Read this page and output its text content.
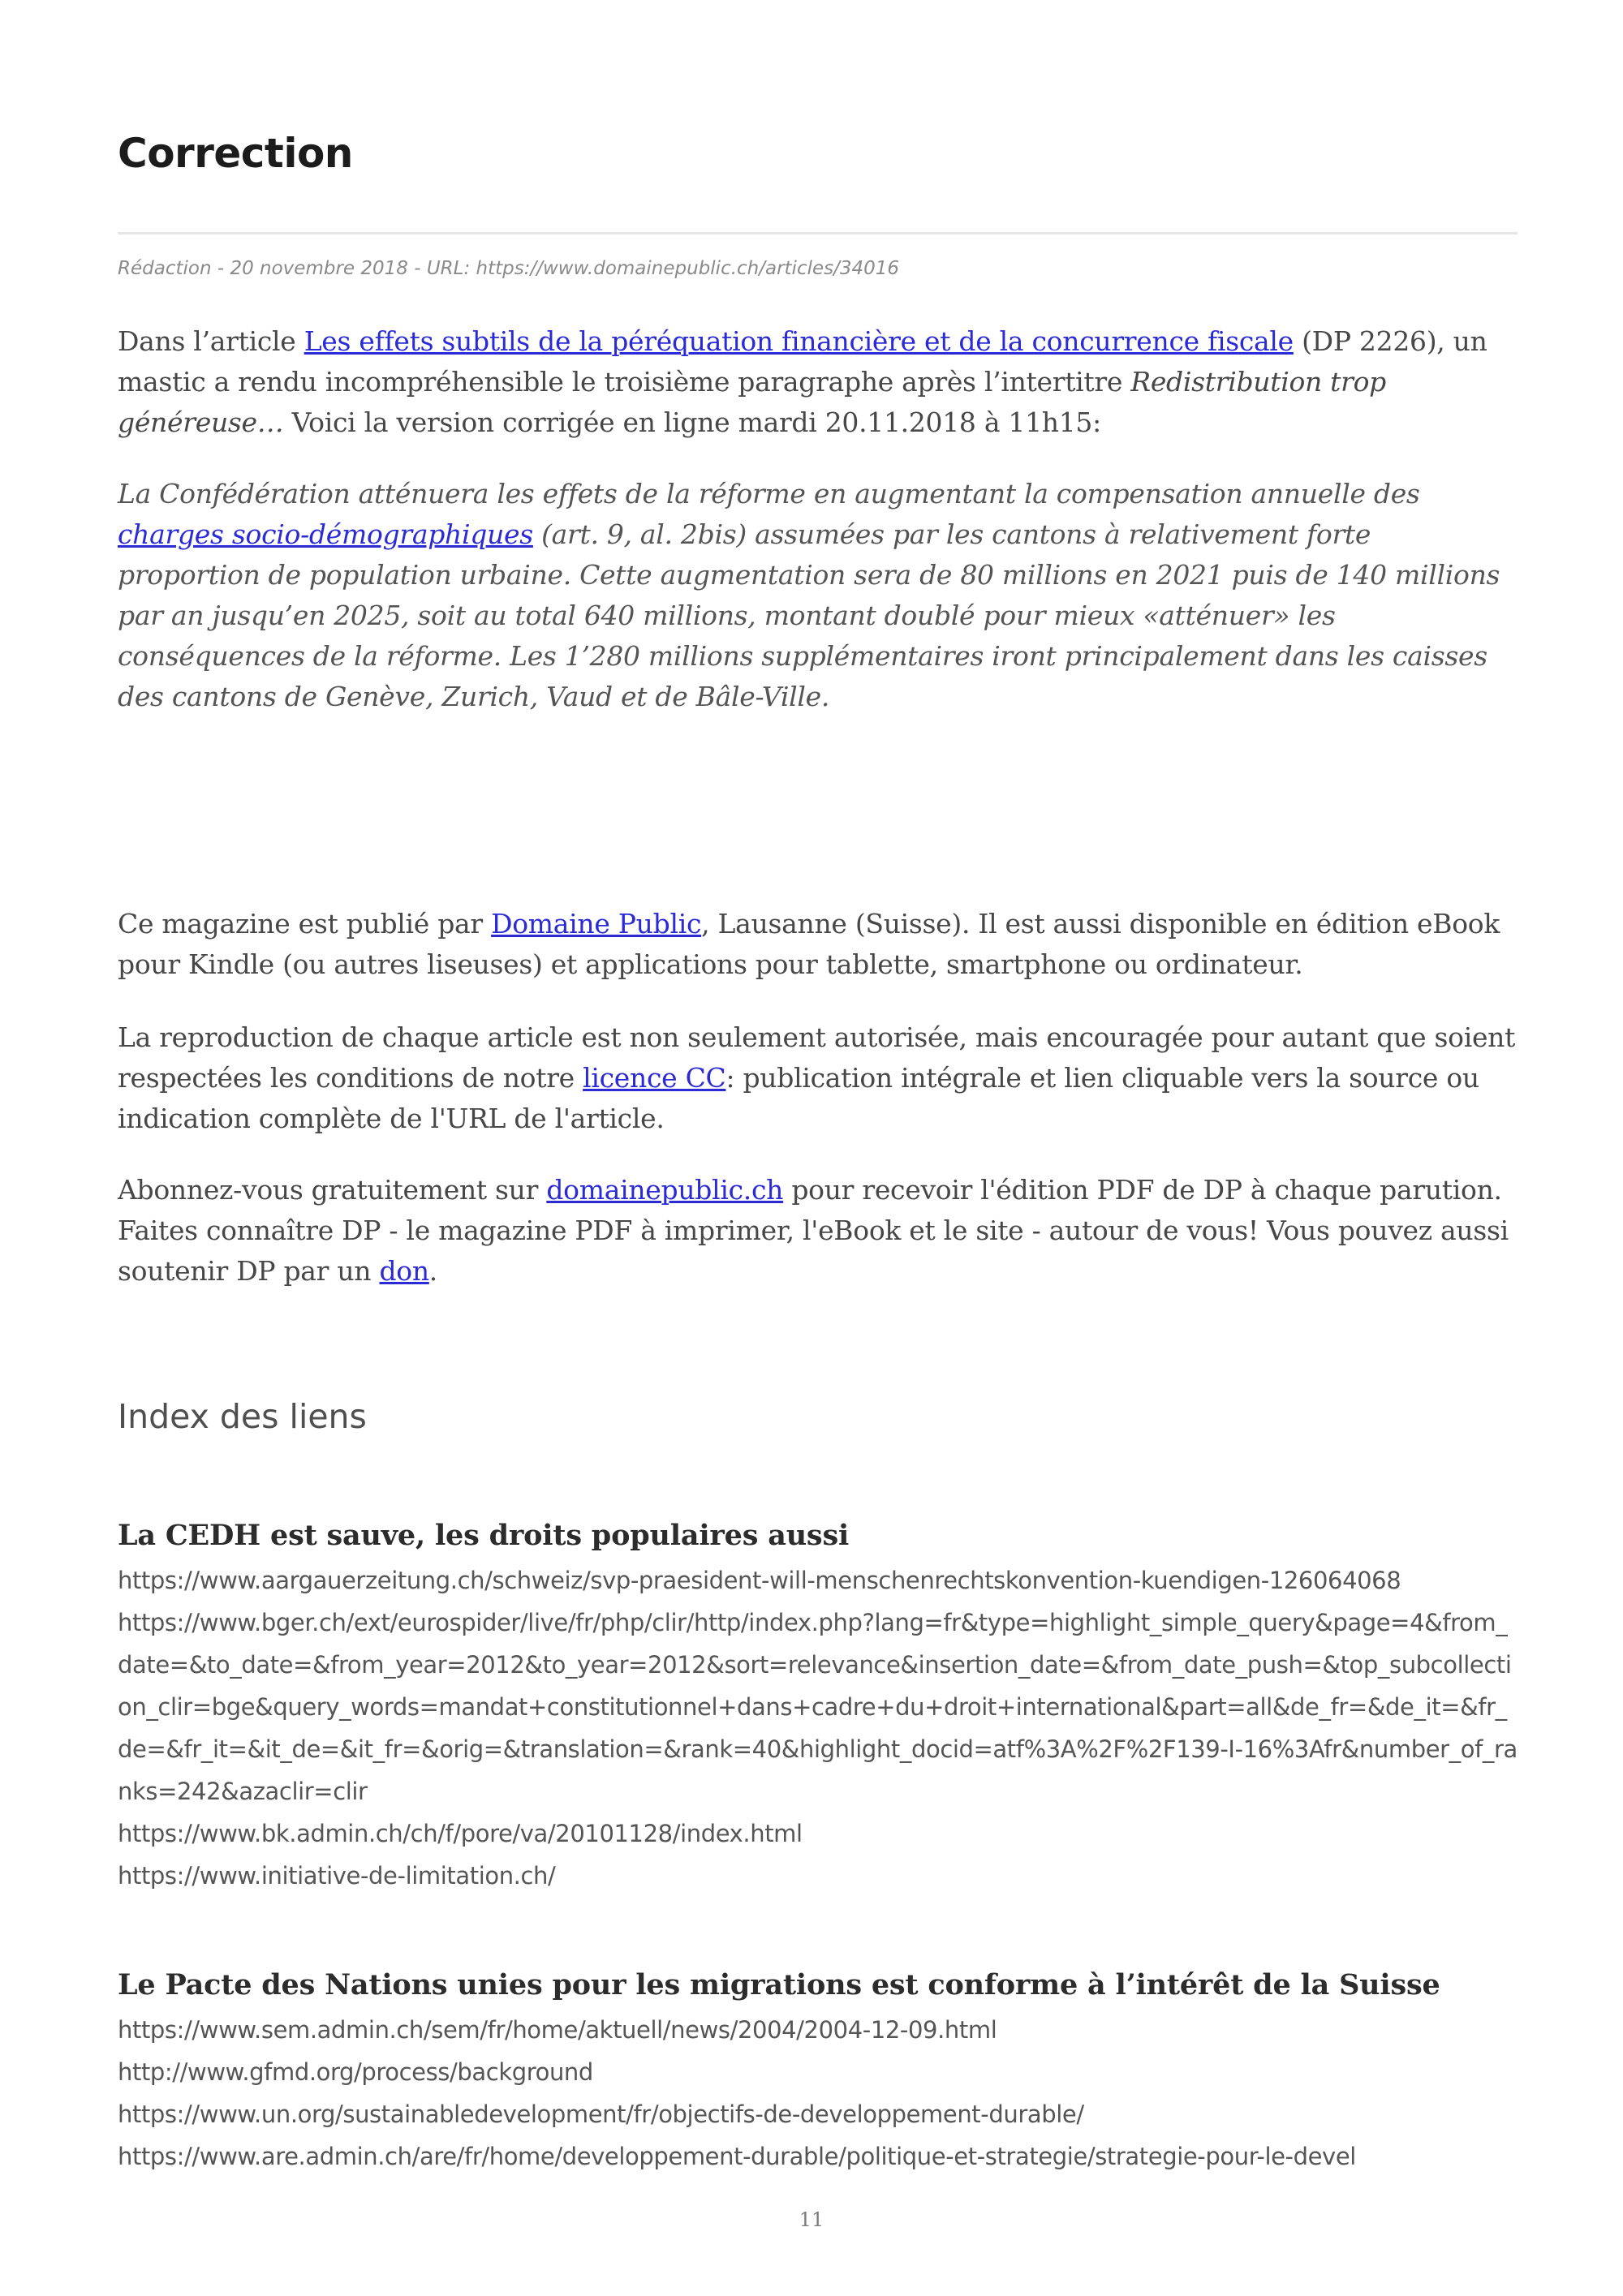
Correction
Rédaction - 20 novembre 2018 - URL: https://www.domainepublic.ch/articles/34016

Dans l’article Les effets subtils de la péréquation financière et de la concurrence fiscale (DP 2226), un mastic a rendu incompréhensible le troisième paragraphe après l’intertitre Redistribution trop généreuse… Voici la version corrigée en ligne mardi 20.11.2018 à 11h15:

La Confédération atténuera les effets de la réforme en augmentant la compensation annuelle des charges socio-démographiques (art. 9, al. 2bis) assumées par les cantons à relativement forte proportion de population urbaine. Cette augmentation sera de 80 millions en 2021 puis de 140 millions par an jusqu’en 2025, soit au total 640 millions, montant doublé pour mieux «atténuer» les conséquences de la réforme. Les 1’280 millions supplémentaires iront principalement dans les caisses des cantons de Genève, Zurich, Vaud et de Bâle-Ville.

Ce magazine est publié par Domaine Public, Lausanne (Suisse). Il est aussi disponible en édition eBook pour Kindle (ou autres liseuses) et applications pour tablette, smartphone ou ordinateur.

La reproduction de chaque article est non seulement autorisée, mais encouragée pour autant que soient respectées les conditions de notre licence CC: publication intégrale et lien cliquable vers la source ou indication complète de l'URL de l'article.

Abonnez-vous gratuitement sur domainepublic.ch pour recevoir l'édition PDF de DP à chaque parution. Faites connaître DP - le magazine PDF à imprimer, l'eBook et le site - autour de vous! Vous pouvez aussi soutenir DP par un don.

Index des liens
La CEDH est sauve, les droits populaires aussi
https://www.aargauerzeitung.ch/schweiz/svp-praesident-will-menschenrechtskonvention-kuendigen-126064068
https://www.bger.ch/ext/eurospider/live/fr/php/clir/http/index.php?lang=fr&type=highlight_simple_query&page=4&from_date=&to_date=&from_year=2012&to_year=2012&sort=relevance&insertion_date=&from_date_push=&top_subcollection_clir=bge&query_words=mandat+constitutionnel+dans+cadre+du+droit+international&part=all&de_fr=&de_it=&fr_de=&fr_it=&it_de=&it_fr=&orig=&translation=&rank=40&highlight_docid=atf%3A%2F%2F139-I-16%3Afr&number_of_ranks=242&azaclir=clir
https://www.bk.admin.ch/ch/f/pore/va/20101128/index.html
https://www.initiative-de-limitation.ch/
Le Pacte des Nations unies pour les migrations est conforme à l’intérêt de la Suisse
https://www.sem.admin.ch/sem/fr/home/aktuell/news/2004/2004-12-09.html
http://www.gfmd.org/process/background
https://www.un.org/sustainabledevelopment/fr/objectifs-de-developpement-durable/
https://www.are.admin.ch/are/fr/home/developpement-durable/politique-et-strategie/strategie-pour-le-devel
11
